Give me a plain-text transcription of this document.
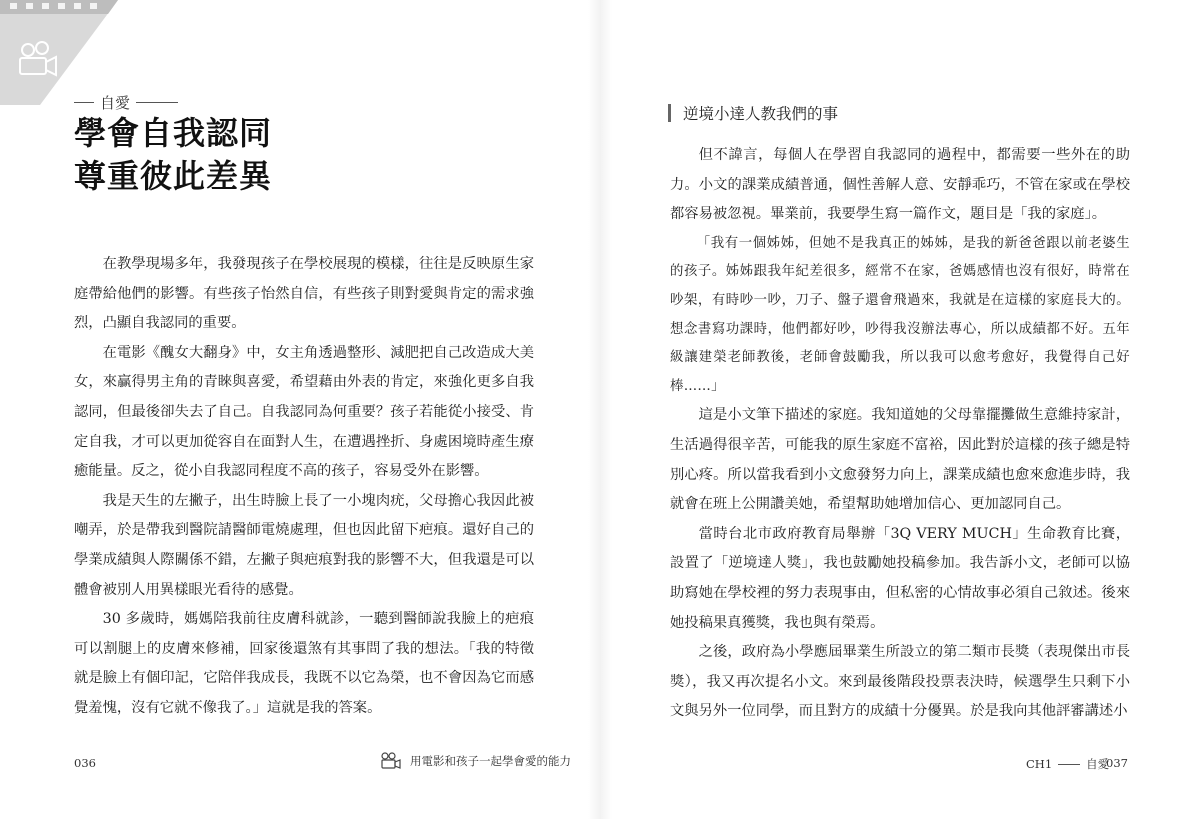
自愛
學會自我認同
尊重彼此差異

在教學現場多年，我發現孩子在學校展現的模樣，往往是反映原生家庭帶給他們的影響。有些孩子怡然自信，有些孩子則對愛與肯定的需求強烈，凸顯自我認同的重要。

在電影《醜女大翻身》中，女主角透過整形、減肥把自己改造成大美女，來贏得男主角的青睞與喜愛，希望藉由外表的肯定，來強化更多自我認同，但最後卻失去了自己。自我認同為何重要？孩子若能從小接受、肯定自我，才可以更加從容自在面對人生，在遭遇挫折、身處困境時產生療癒能量。反之，從小自我認同程度不高的孩子，容易受外在影響。

我是天生的左撇子，出生時臉上長了一小塊肉疣，父母擔心我因此被嘲弄，於是帶我到醫院請醫師電燒處理，但也因此留下疤痕。還好自己的學業成績與人際關係不錯，左撇子與疤痕對我的影響不大，但我還是可以體會被別人用異樣眼光看待的感覺。

30 多歲時，媽媽陪我前往皮膚科就診，一聽到醫師說我臉上的疤痕可以割腿上的皮膚來修補，回家後還煞有其事問了我的想法。「我的特徵就是臉上有個印記，它陪伴我成長，我既不以它為榮，也不會因為它而感覺羞愧，沒有它就不像我了。」這就是我的答案。

036	用電影和孩子一起學會愛的能力
逆境小達人教我們的事

但不諱言，每個人在學習自我認同的過程中，都需要一些外在的助力。小文的課業成績普通，個性善解人意、安靜乖巧，不管在家或在學校都容易被忽視。畢業前，我要學生寫一篇作文，題目是「我的家庭」。

「我有一個姊姊，但她不是我真正的姊姊，是我的新爸爸跟以前老婆生的孩子。姊姊跟我年紀差很多，經常不在家，爸媽感情也沒有很好，時常在吵架，有時吵一吵，刀子、盤子還會飛過來，我就是在這樣的家庭長大的。想念書寫功課時，他們都好吵，吵得我沒辦法專心，所以成績都不好。五年級讓建榮老師教後，老師會鼓勵我，所以我可以愈考愈好，我覺得自己好棒……」

這是小文筆下描述的家庭。我知道她的父母靠擺攤做生意維持家計，生活過得很辛苦，可能我的原生家庭不富裕，因此對於這樣的孩子總是特別心疼。所以當我看到小文愈發努力向上，課業成績也愈來愈進步時，我就會在班上公開讚美她，希望幫助她增加信心、更加認同自己。

當時台北市政府教育局舉辦「3Q VERY MUCH」生命教育比賽，設置了「逆境達人獎」，我也鼓勵她投稿參加。我告訴小文，老師可以協助寫她在學校裡的努力表現事由，但私密的心情故事必須自己敘述。後來她投稿果真獲獎，我也與有榮焉。

之後，政府為小學應屆畢業生所設立的第二類市長獎（表現傑出市長獎），我又再次提名小文。來到最後階段投票表決時，候選學生只剩下小文與另外一位同學，而且對方的成績十分優異。於是我向其他評審講述小

CH1	自愛
037
